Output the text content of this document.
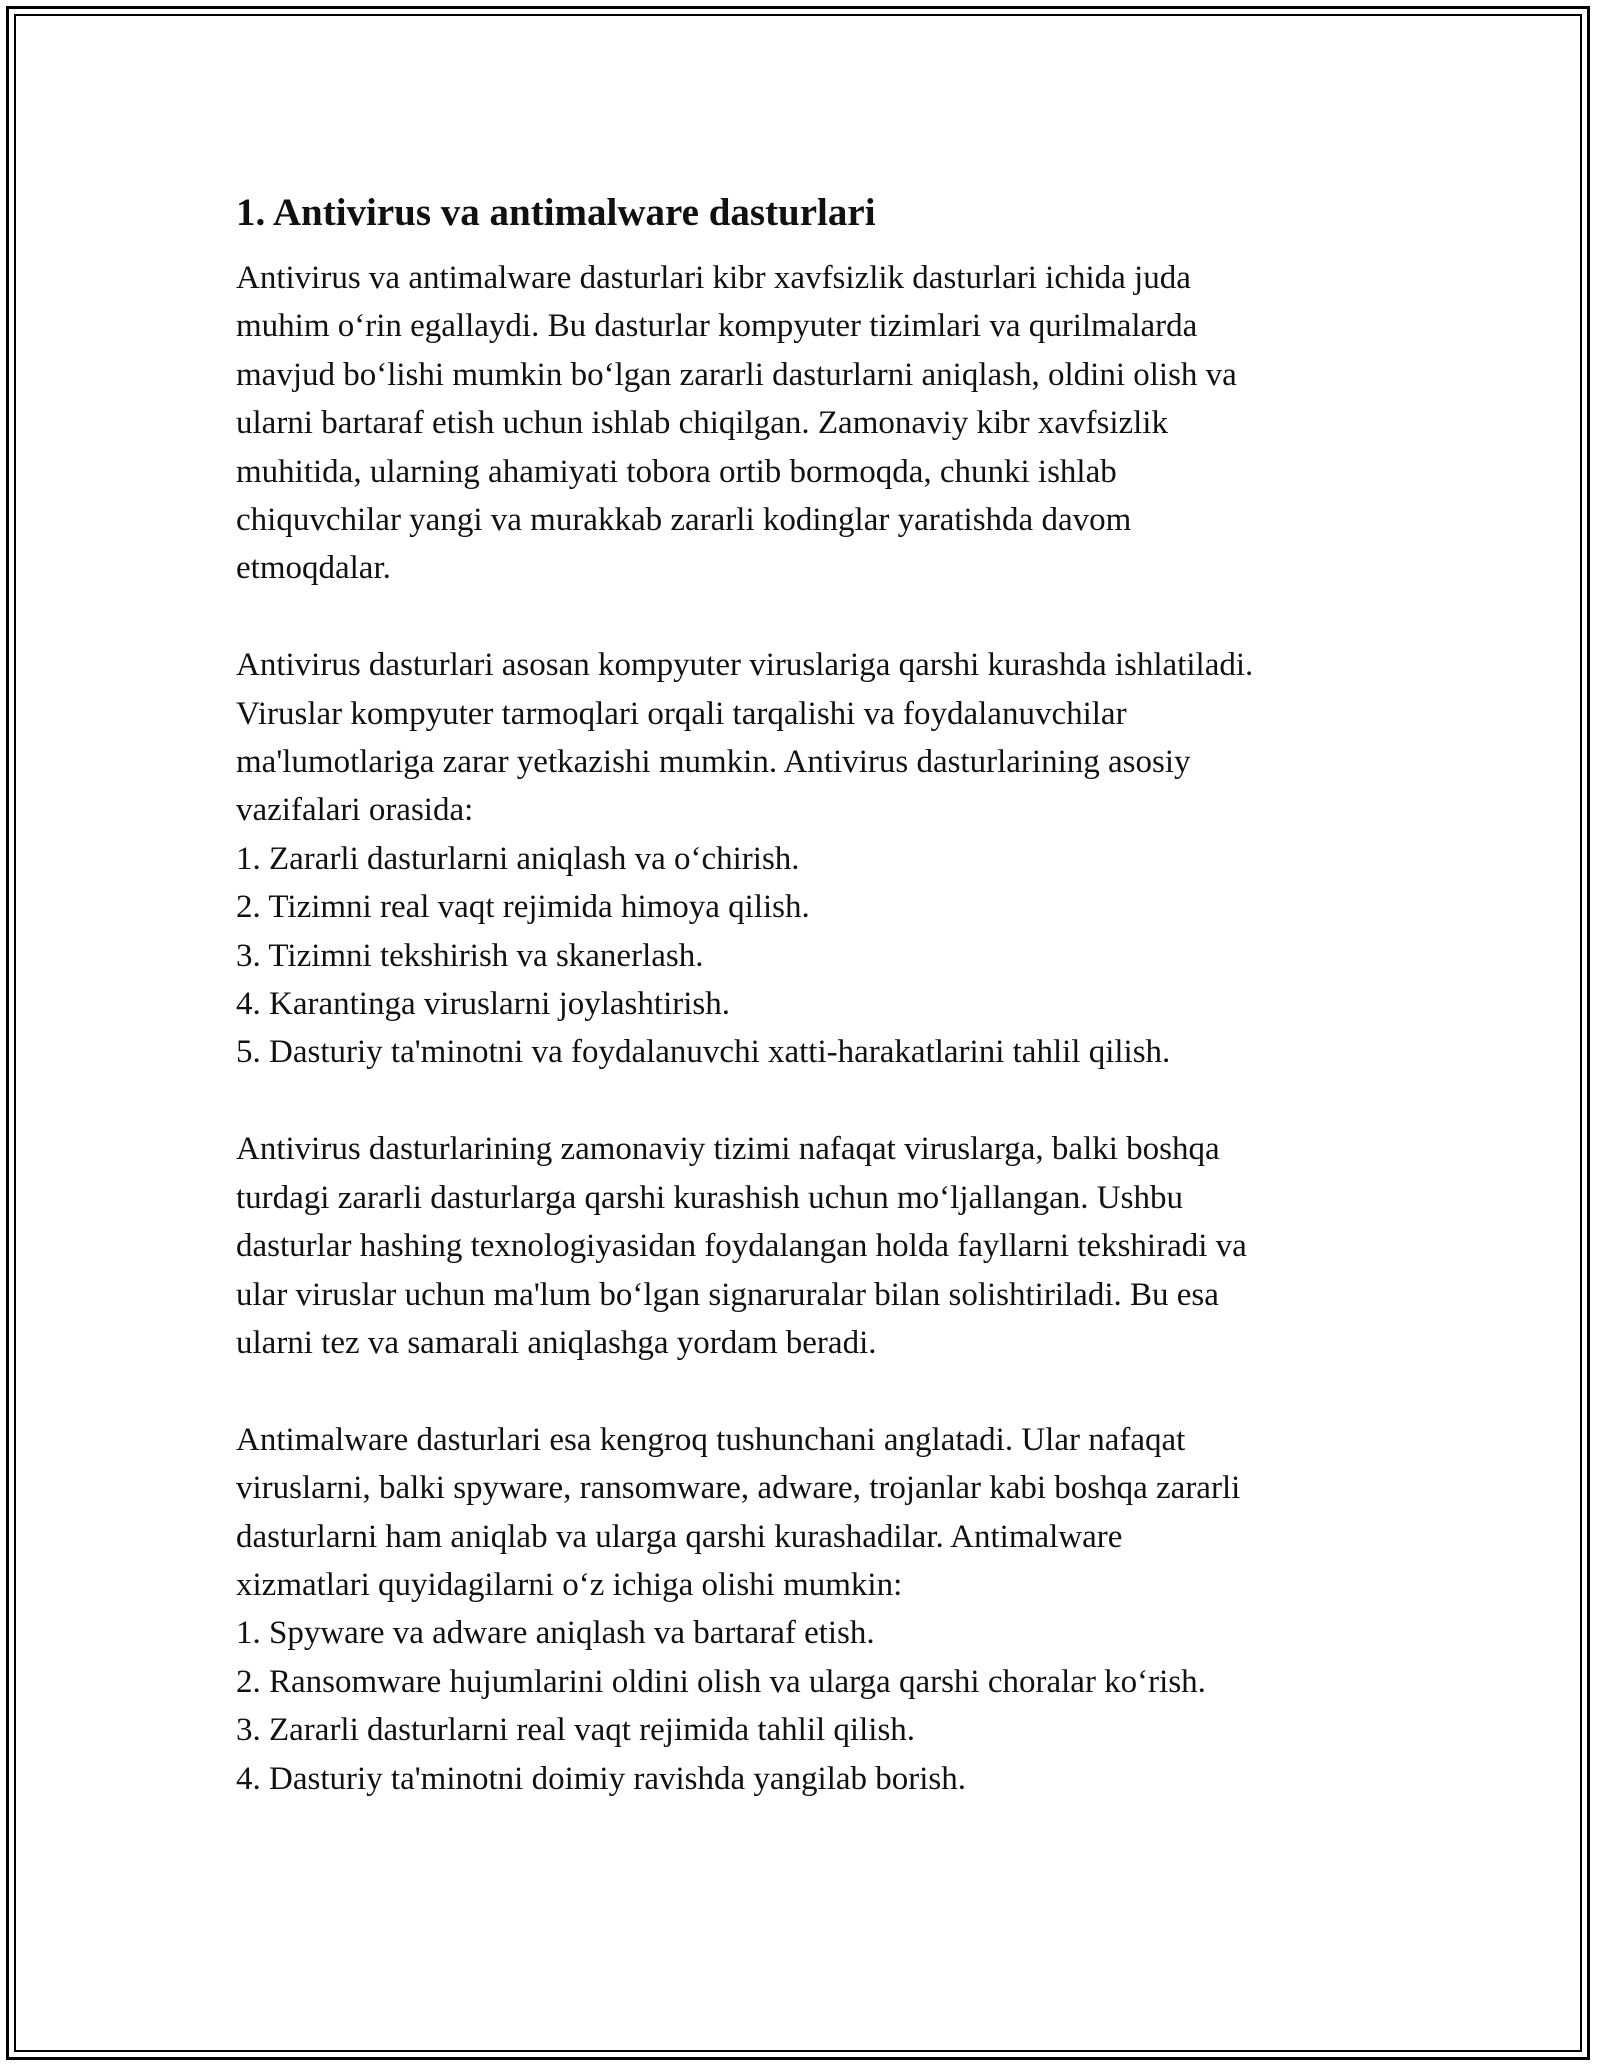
1. Antivirus va antimalware dasturlari
Antivirus va antimalware dasturlari kibr xavfsizlik dasturlari ichida juda
muhim o‘rin egallaydi. Bu dasturlar kompyuter tizimlari va qurilmalarda
mavjud bo‘lishi mumkin bo‘lgan zararli dasturlarni aniqlash, oldini olish va
ularni bartaraf etish uchun ishlab chiqilgan. Zamonaviy kibr xavfsizlik
muhitida, ularning ahamiyati tobora ortib bormoqda, chunki ishlab
chiquvchilar yangi va murakkab zararli kodinglar yaratishda davom
etmoqdalar.
Antivirus dasturlari asosan kompyuter viruslariga qarshi kurashda ishlatiladi.
Viruslar kompyuter tarmoqlari orqali tarqalishi va foydalanuvchilar
ma'lumotlariga zarar yetkazishi mumkin. Antivirus dasturlarining asosiy
vazifalari orasida:
1. Zararli dasturlarni aniqlash va o‘chirish.
2. Tizimni real vaqt rejimida himoya qilish.
3. Tizimni tekshirish va skanerlash.
4. Karantinga viruslarni joylashtirish.
5. Dasturiy ta'minotni va foydalanuvchi xatti-harakatlarini tahlil qilish.
Antivirus dasturlarining zamonaviy tizimi nafaqat viruslarga, balki boshqa
turdagi zararli dasturlarga qarshi kurashish uchun mo‘ljallangan. Ushbu
dasturlar hashing texnologiyasidan foydalangan holda fayllarni tekshiradi va
ular viruslar uchun ma'lum bo‘lgan signaruralar bilan solishtiriladi. Bu esa
ularni tez va samarali aniqlashga yordam beradi.
Antimalware dasturlari esa kengroq tushunchani anglatadi. Ular nafaqat
viruslarni, balki spyware, ransomware, adware, trojanlar kabi boshqa zararli
dasturlarni ham aniqlab va ularga qarshi kurashadilar. Antimalware
xizmatlari quyidagilarni o‘z ichiga olishi mumkin:
1. Spyware va adware aniqlash va bartaraf etish.
2. Ransomware hujumlarini oldini olish va ularga qarshi choralar ko‘rish.
3. Zararli dasturlarni real vaqt rejimida tahlil qilish.
4. Dasturiy ta'minotni doimiy ravishda yangilab borish.
